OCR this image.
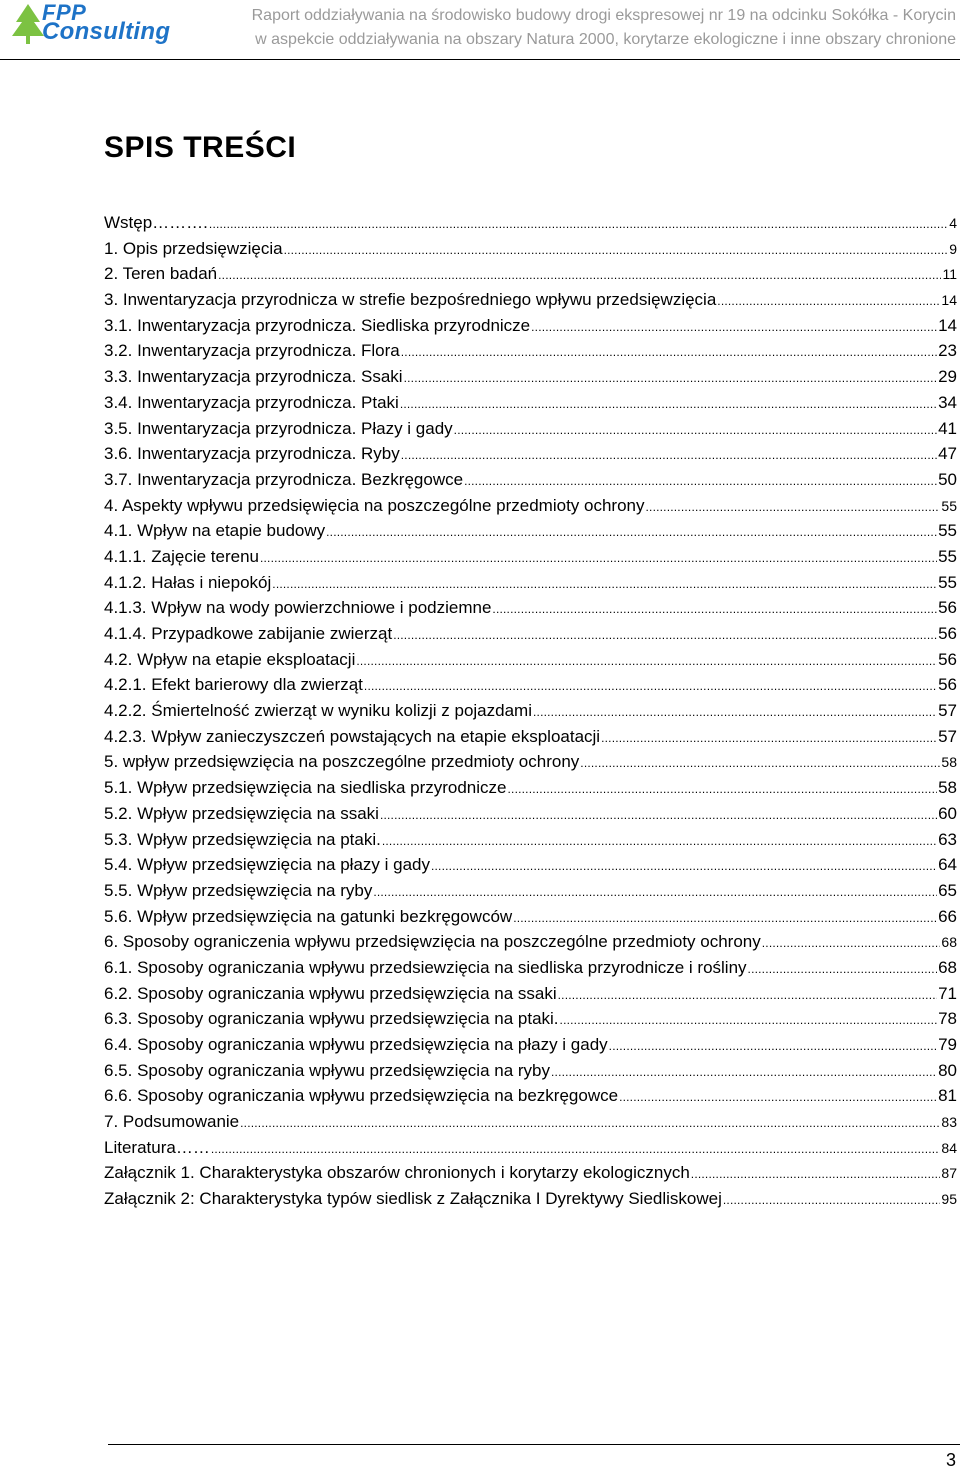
FPP
Consulting
Raport oddziaływania na środowisko budowy drogi ekspresowej nr 19 na odcinku Sokółka - Korycin
w aspekcie oddziaływania na obszary Natura 2000, korytarze ekologiczne i inne obszary chronione
SPIS TREŚCI
Wstęp………. .....	4
1. Opis przedsięwzięcia .....	9
2. Teren badań .....	11
3. Inwentaryzacja przyrodnicza w strefie bezpośredniego wpływu przedsięwzięcia .....	14
3.1. Inwentaryzacja przyrodnicza. Siedliska przyrodnicze .....	14
3.2. Inwentaryzacja przyrodnicza. Flora .....	23
3.3. Inwentaryzacja przyrodnicza. Ssaki .....	29
3.4. Inwentaryzacja przyrodnicza. Ptaki .....	34
3.5. Inwentaryzacja przyrodnicza. Płazy i gady .....	41
3.6. Inwentaryzacja przyrodnicza. Ryby .....	47
3.7. Inwentaryzacja przyrodnicza. Bezkręgowce .....	50
4. Aspekty wpływu przedsięwięcia na poszczególne przedmioty ochrony .....	55
4.1. Wpływ na etapie budowy .....	55
4.1.1. Zajęcie terenu .....	55
4.1.2. Hałas i niepokój .....	55
4.1.3. Wpływ na wody powierzchniowe i podziemne .....	56
4.1.4. Przypadkowe zabijanie zwierząt .....	56
4.2. Wpływ na etapie eksploatacji .....	56
4.2.1. Efekt barierowy dla zwierząt .....	56
4.2.2. Śmiertelność zwierząt w wyniku kolizji z pojazdami .....	57
4.2.3. Wpływ zanieczyszczeń powstających na etapie eksploatacji .....	57
5. wpływ przedsięwzięcia na poszczególne przedmioty ochrony .....	58
5.1. Wpływ przedsięwzięcia na siedliska przyrodnicze .....	58
5.2. Wpływ przedsięwzięcia na ssaki .....	60
5.3. Wpływ przedsięwzięcia na ptaki. .....	63
5.4. Wpływ przedsięwzięcia na płazy i gady .....	64
5.5. Wpływ przedsięwzięcia na ryby .....	65
5.6. Wpływ przedsięwzięcia na gatunki bezkręgowców .....	66
6. Sposoby ograniczenia wpływu przedsięwzięcia na poszczególne przedmioty ochrony .....	68
6.1. Sposoby ograniczania wpływu przedsiewzięcia na siedliska przyrodnicze i rośliny .....	68
6.2. Sposoby ograniczania wpływu przedsięwzięcia na ssaki .....	71
6.3. Sposoby ograniczania wpływu przedsięwzięcia na ptaki. .....	78
6.4. Sposoby ograniczania wpływu przedsięwzięcia na płazy i gady .....	79
6.5. Sposoby ograniczania wpływu przedsięwzięcia na ryby .....	80
6.6. Sposoby ograniczania wpływu przedsięwzięcia na bezkręgowce .....	81
7. Podsumowanie .....	83
Literatura…… .....	84
Załącznik 1. Charakterystyka obszarów chronionych i korytarzy ekologicznych .....	87
Załącznik 2: Charakterystyka typów siedlisk z Załącznika I Dyrektywy Siedliskowej .....	95
3
